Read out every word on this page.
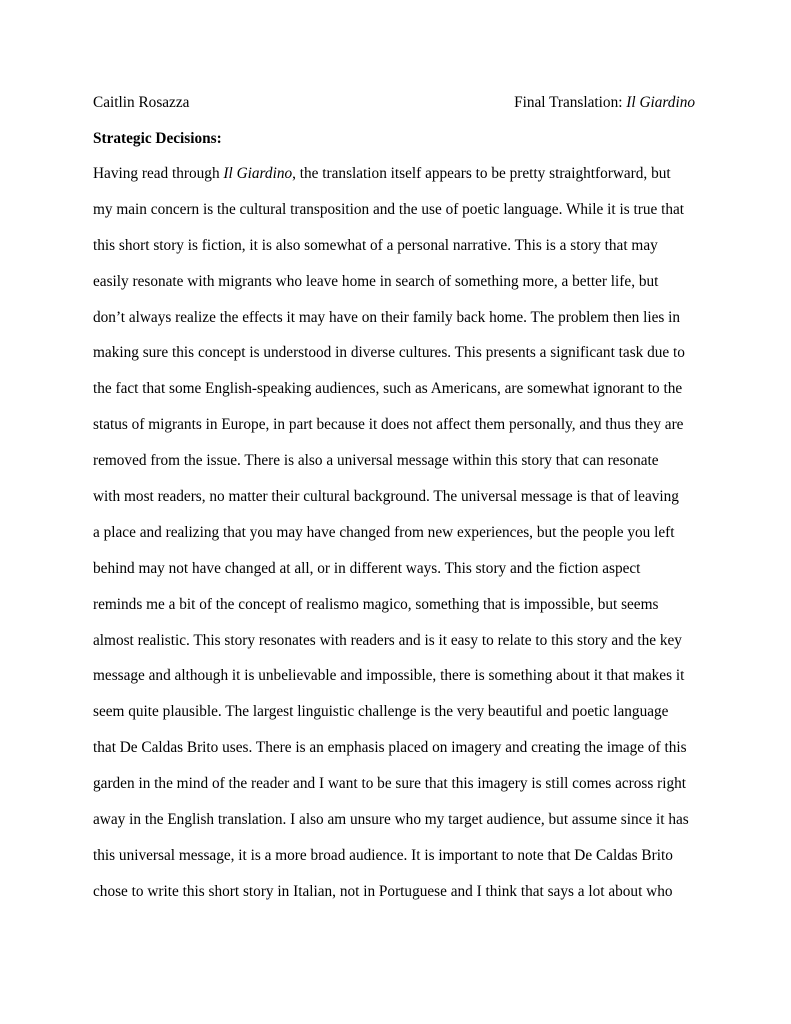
Caitlin Rosazza	Final Translation: Il Giardino
Strategic Decisions:
Having read through Il Giardino, the translation itself appears to be pretty straightforward, but
my main concern is the cultural transposition and the use of poetic language. While it is true that
this short story is fiction, it is also somewhat of a personal narrative. This is a story that may
easily resonate with migrants who leave home in search of something more, a better life, but
don’t always realize the effects it may have on their family back home. The problem then lies in
making sure this concept is understood in diverse cultures. This presents a significant task due to
the fact that some English-speaking audiences, such as Americans, are somewhat ignorant to the
status of migrants in Europe, in part because it does not affect them personally, and thus they are
removed from the issue. There is also a universal message within this story that can resonate
with most readers, no matter their cultural background. The universal message is that of leaving
a place and realizing that you may have changed from new experiences, but the people you left
behind may not have changed at all, or in different ways. This story and the fiction aspect
reminds me a bit of the concept of realismo magico, something that is impossible, but seems
almost realistic. This story resonates with readers and is it easy to relate to this story and the key
message and although it is unbelievable and impossible, there is something about it that makes it
seem quite plausible. The largest linguistic challenge is the very beautiful and poetic language
that De Caldas Brito uses. There is an emphasis placed on imagery and creating the image of this
garden in the mind of the reader and I want to be sure that this imagery is still comes across right
away in the English translation. I also am unsure who my target audience, but assume since it has
this universal message, it is a more broad audience. It is important to note that De Caldas Brito
chose to write this short story in Italian, not in Portuguese and I think that says a lot about who
